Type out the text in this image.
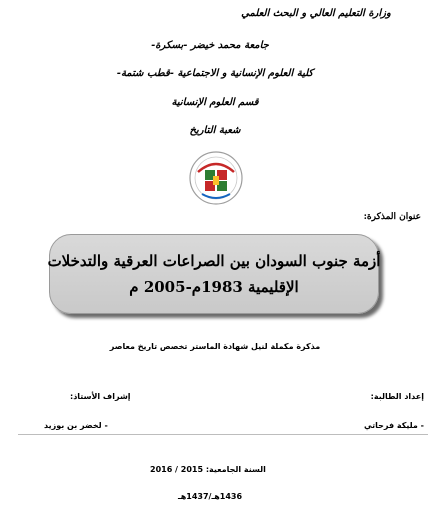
وزارة التعليم العالي و البحث العلمي
جامعة محمد خيضر -بسكرة-
كلية العلوم الإنسانية و الاجتماعية -قطب شتمة-
قسم العلوم الإنسانية
شعبة التاريخ
عنوان المذكرة:
أزمة جنوب السودان بين الصراعات العرقية والتدخلات
الإقليمية 1983م-2005 م
مذكرة مكملة لنيل شهادة الماستر تخصص تاريخ معاصر
إعداد الطالبة:
إشراف الأستاذ:
- مليكة فرحاتي
- لخضر بن بوزيد
السنة الجامعية: 2015 / 2016
1436هـ/1437هـ
